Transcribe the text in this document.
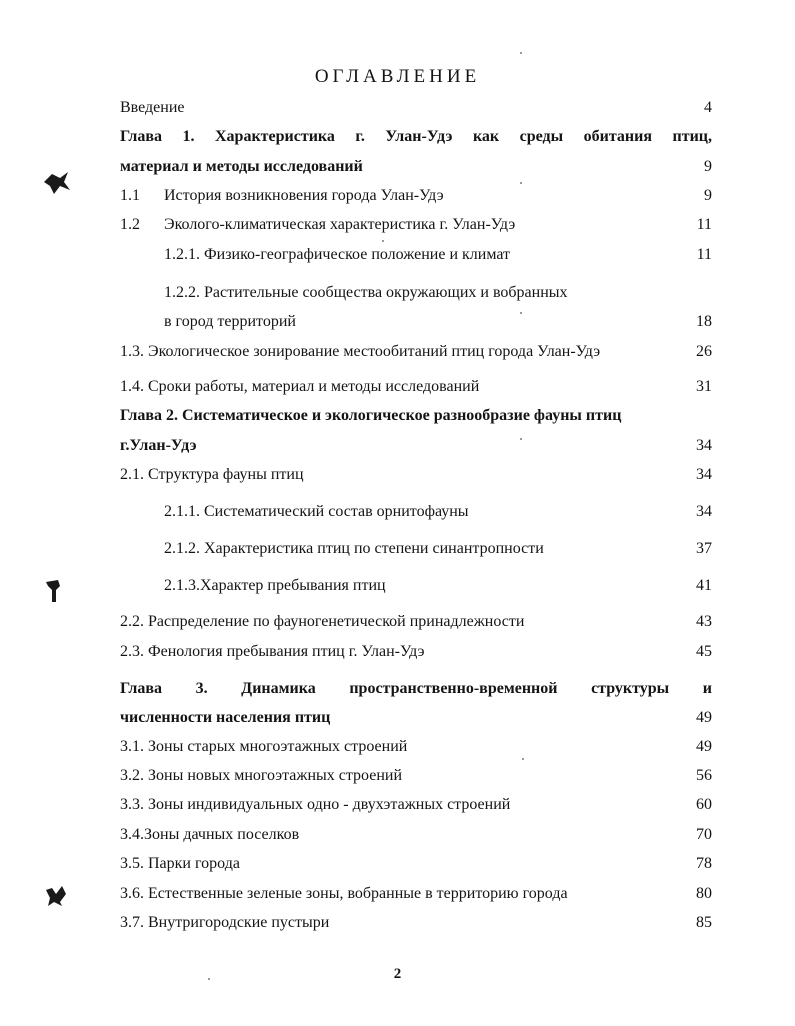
ОГЛАВЛЕНИЕ
Введение	4
Глава 1. Характеристика г. Улан-Удэ как среды обитания птиц,
материал и методы исследований	9
1.1 История возникновения города Улан-Удэ	9
1.2 Эколого-климатическая характеристика г. Улан-Удэ	11
1.2.1. Физико-географическое положение и климат	11
1.2.2. Растительные сообщества окружающих и вобранных
в город территорий	18
1.3. Экологическое зонирование местообитаний птиц города Улан-Удэ	26
1.4. Сроки работы, материал и методы исследований	31
Глава 2. Систематическое и экологическое разнообразие фауны птиц
г.Улан-Удэ	34
2.1. Структура фауны птиц	34
2.1.1. Систематический состав орнитофауны	34
2.1.2. Характеристика птиц по степени синантропности	37
2.1.3.Характер пребывания птиц	41
2.2. Распределение по фауногенетической принадлежности	43
2.3. Фенология пребывания птиц г. Улан-Удэ	45
Глава 3. Динамика пространственно-временной структуры и
численности населения птиц	49
3.1. Зоны старых многоэтажных строений	49
3.2. Зоны новых многоэтажных строений	56
3.3. Зоны индивидуальных одно - двухэтажных строений	60
3.4.Зоны дачных поселков	70
3.5. Парки города	78
3.6. Естественные зеленые зоны, вобранные в территорию города	80
3.7. Внутригородские пустыри	85
2
